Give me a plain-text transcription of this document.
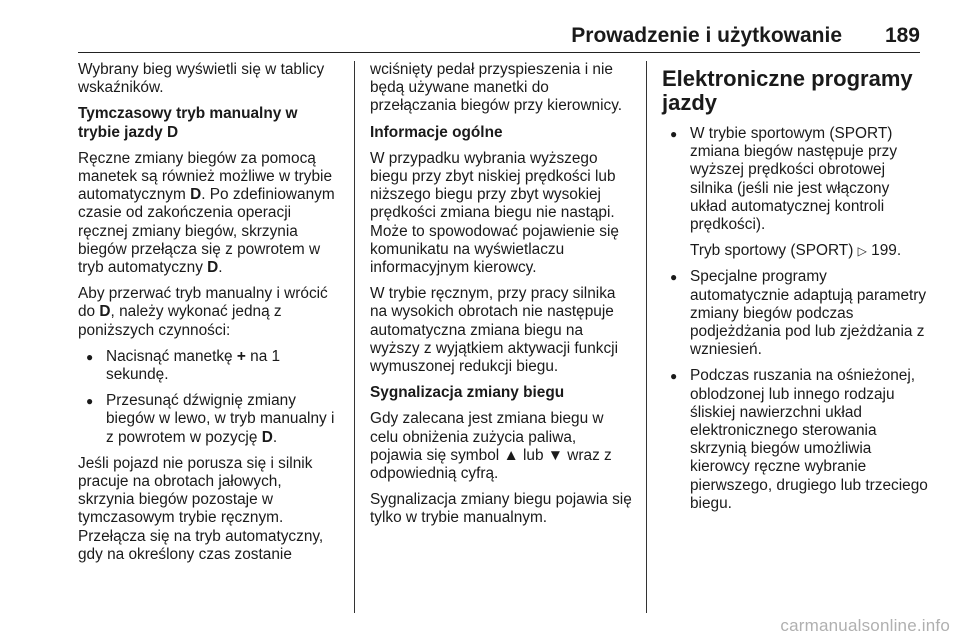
Prowadzenie i użytkowanie 189

Wybrany bieg wyświetli się w tablicy wskaźników.

Tymczasowy tryb manualny w trybie jazdy D

Ręczne zmiany biegów za pomocą manetek są również możliwe w trybie automatycznym D. Po zdefiniowanym czasie od zakończenia operacji ręcznej zmiany biegów, skrzynia biegów przełącza się z powrotem w tryb automatyczny D.

Aby przerwać tryb manualny i wrócić do D, należy wykonać jedną z poniższych czynności:

● Nacisnąć manetkę + na 1 sekundę.
● Przesunąć dźwignię zmiany biegów w lewo, w tryb manualny i z powrotem w pozycję D.

Jeśli pojazd nie porusza się i silnik pracuje na obrotach jałowych, skrzynia biegów pozostaje w tymczasowym trybie ręcznym. Przełącza się na tryb automatyczny, gdy na określony czas zostanie

wciśnięty pedał przyspieszenia i nie będą używane manetki do przełączania biegów przy kierownicy.

Informacje ogólne

W przypadku wybrania wyższego biegu przy zbyt niskiej prędkości lub niższego biegu przy zbyt wysokiej prędkości zmiana biegu nie nastąpi. Może to spowodować pojawienie się komunikatu na wyświetlaczu informacyjnym kierowcy.

W trybie ręcznym, przy pracy silnika na wysokich obrotach nie następuje automatyczna zmiana biegu na wyższy z wyjątkiem aktywacji funkcji wymuszonej redukcji biegu.

Sygnalizacja zmiany biegu

Gdy zalecana jest zmiana biegu w celu obniżenia zużycia paliwa, pojawia się symbol ▲ lub ▼ wraz z odpowiednią cyfrą.

Sygnalizacja zmiany biegu pojawia się tylko w trybie manualnym.

Elektroniczne programy jazdy
● W trybie sportowym (SPORT) zmiana biegów następuje przy wyższej prędkości obrotowej silnika (jeśli nie jest włączony układ automatycznej kontroli prędkości).
Tryb sportowy (SPORT) ▷ 199.
● Specjalne programy automatycznie adaptują parametry zmiany biegów podczas podjeżdżania pod lub zjeżdżania z wzniesień.
● Podczas ruszania na ośnieżonej, oblodzonej lub innego rodzaju śliskiej nawierzchni układ elektronicznego sterowania skrzynią biegów umożliwia kierowcy ręczne wybranie pierwszego, drugiego lub trzeciego biegu.
carmanualsonline.info
